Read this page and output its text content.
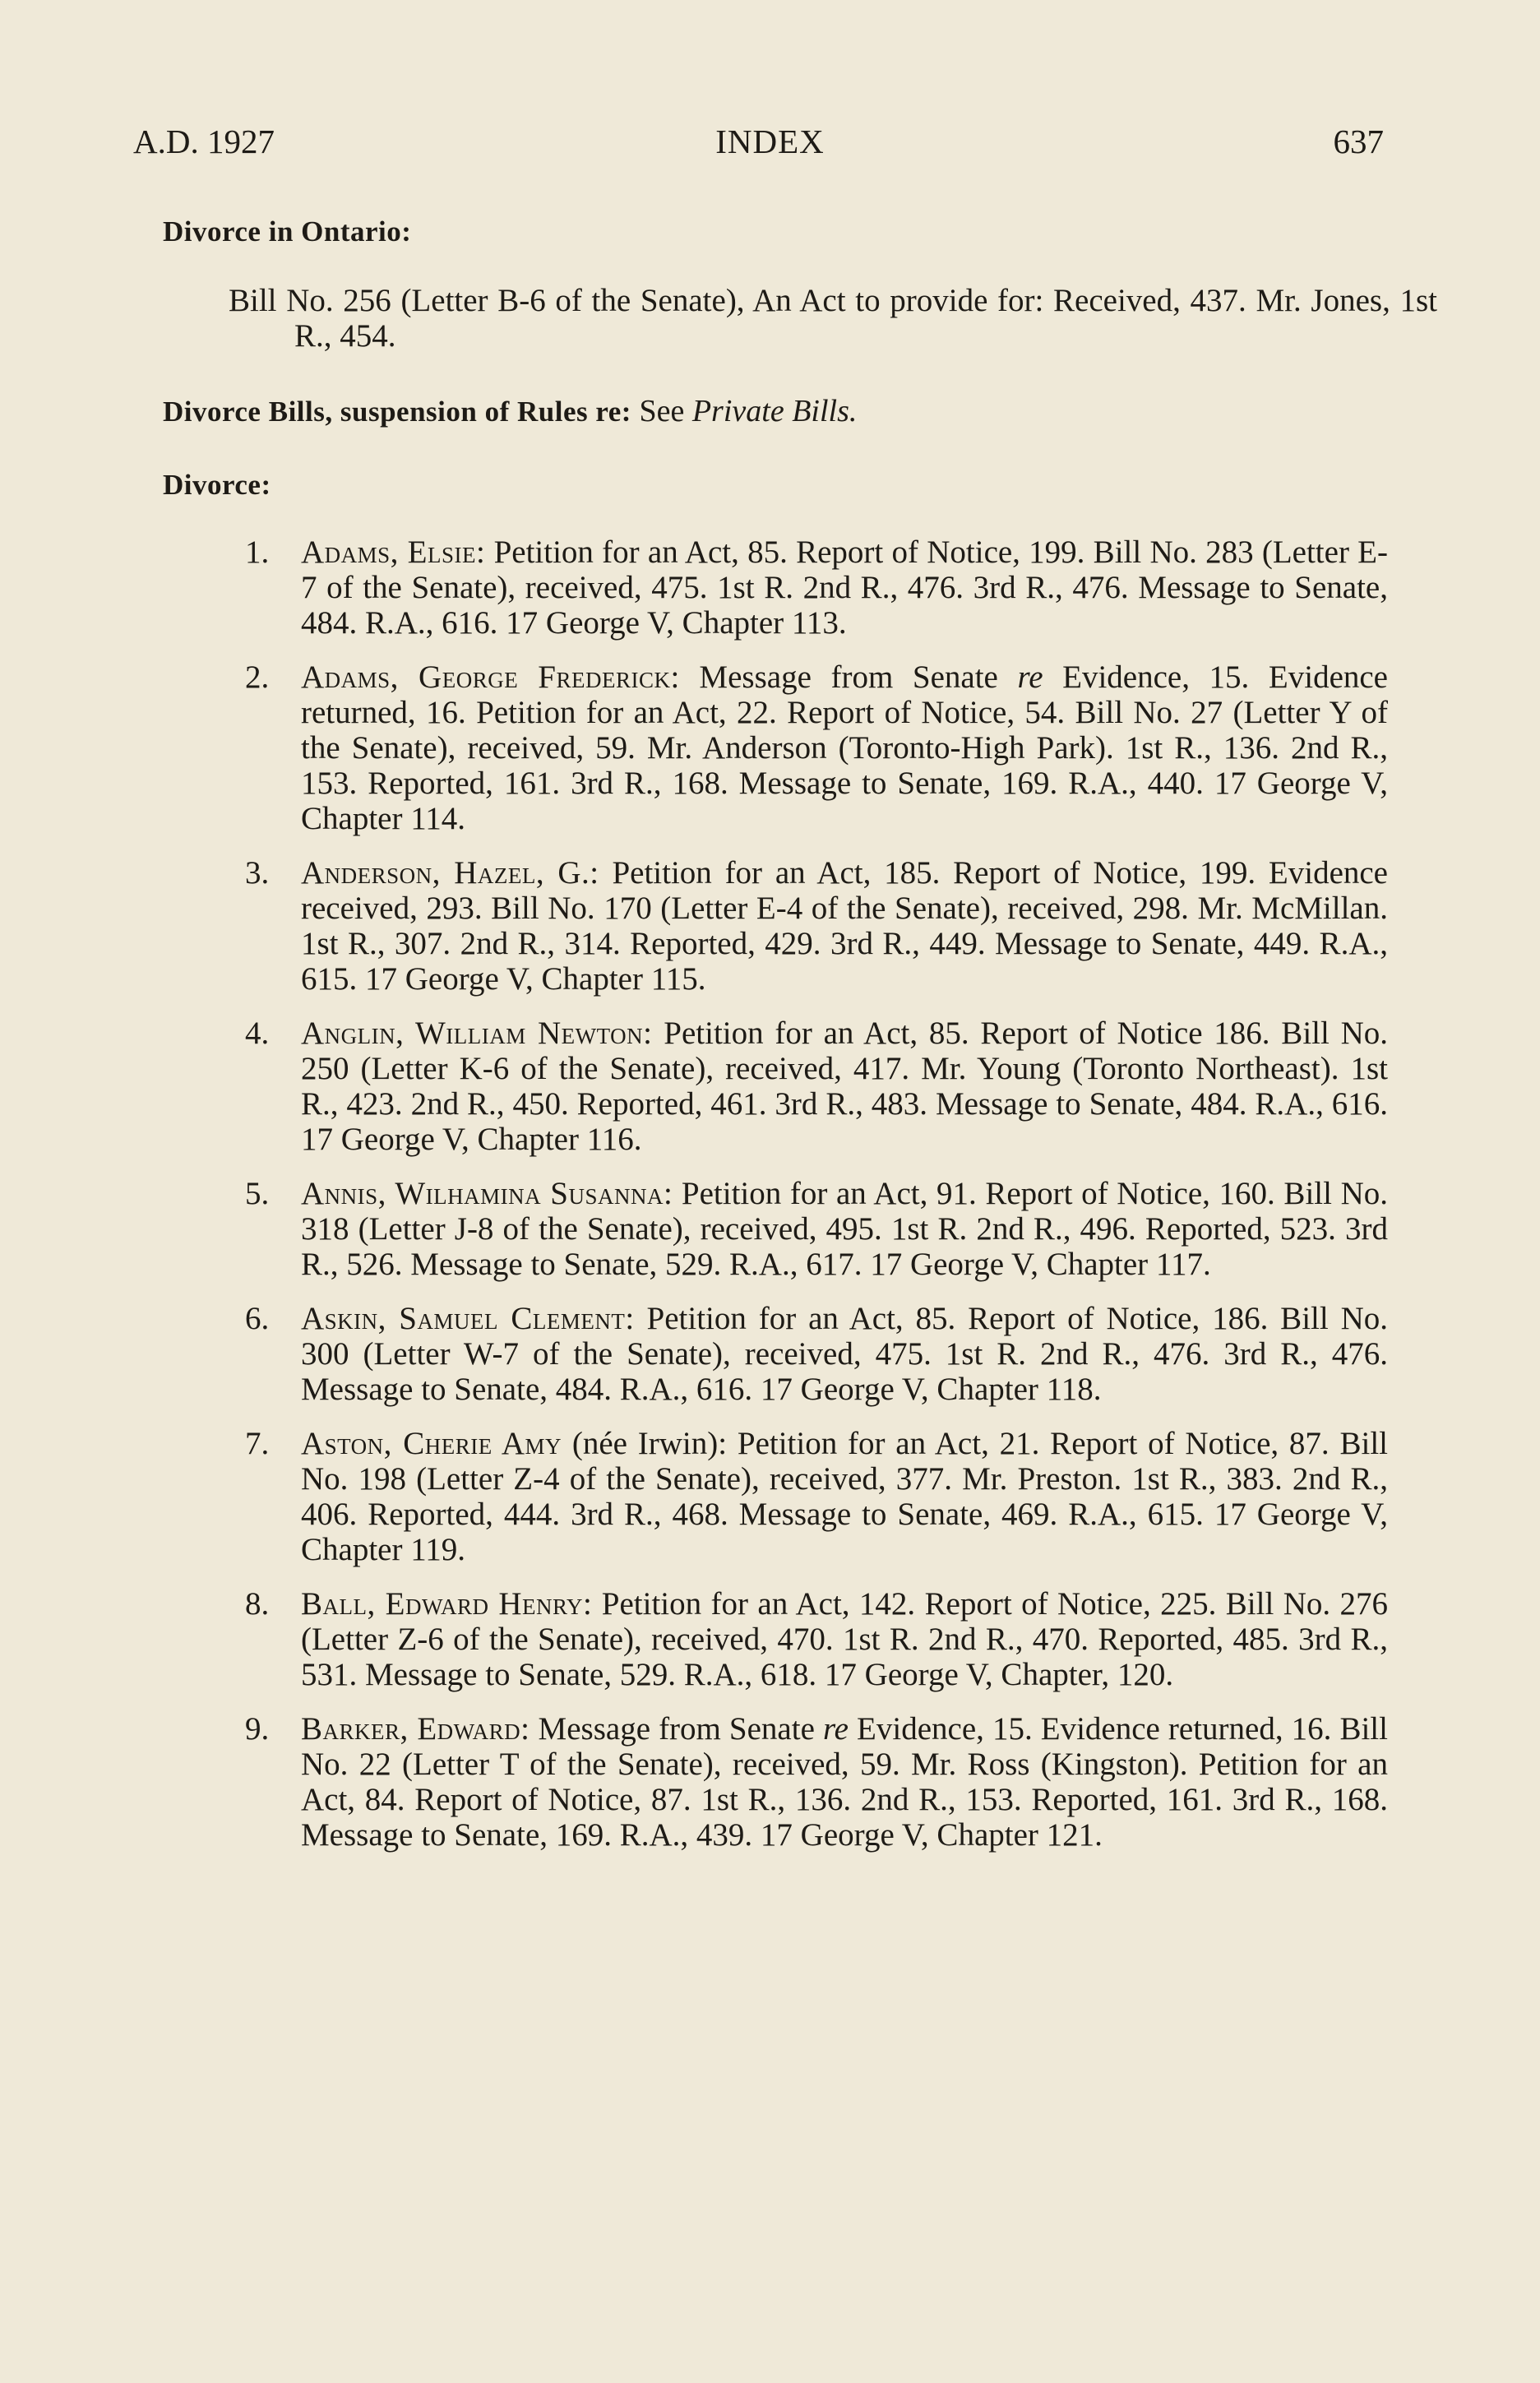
A.D. 1927	INDEX	637
Divorce in Ontario:
Bill No. 256 (Letter B-6 of the Senate), An Act to provide for: Received, 437. Mr. Jones, 1st R., 454.
Divorce Bills, suspension of Rules re: See Private Bills.
Divorce:
1. Adams, Elsie: Petition for an Act, 85. Report of Notice, 199. Bill No. 283 (Letter E-7 of the Senate), received, 475. 1st R. 2nd R., 476. 3rd R., 476. Message to Senate, 484. R.A., 616. 17 George V, Chapter 113.
2. Adams, George Frederick: Message from Senate re Evidence, 15. Evidence returned, 16. Petition for an Act, 22. Report of Notice, 54. Bill No. 27 (Letter Y of the Senate), received, 59. Mr. Anderson (Toronto-High Park). 1st R., 136. 2nd R., 153. Reported, 161. 3rd R., 168. Message to Senate, 169. R.A., 440. 17 George V, Chapter 114.
3. Anderson, Hazel, G.: Petition for an Act, 185. Report of Notice, 199. Evidence received, 293. Bill No. 170 (Letter E-4 of the Senate), received, 298. Mr. McMillan. 1st R., 307. 2nd R., 314. Reported, 429. 3rd R., 449. Message to Senate, 449. R.A., 615. 17 George V, Chapter 115.
4. Anglin, William Newton: Petition for an Act, 85. Report of Notice 186. Bill No. 250 (Letter K-6 of the Senate), received, 417. Mr. Young (Toronto Northeast). 1st R., 423. 2nd R., 450. Reported, 461. 3rd R., 483. Message to Senate, 484. R.A., 616. 17 George V, Chapter 116.
5. Annis, Wilhamina Susanna: Petition for an Act, 91. Report of Notice, 160. Bill No. 318 (Letter J-8 of the Senate), received, 495. 1st R. 2nd R., 496. Reported, 523. 3rd R., 526. Message to Senate, 529. R.A., 617. 17 George V, Chapter 117.
6. Askin, Samuel Clement: Petition for an Act, 85. Report of Notice, 186. Bill No. 300 (Letter W-7 of the Senate), received, 475. 1st R. 2nd R., 476. 3rd R., 476. Message to Senate, 484. R.A., 616. 17 George V, Chapter 118.
7. Aston, Cherie Amy (née Irwin): Petition for an Act, 21. Report of Notice, 87. Bill No. 198 (Letter Z-4 of the Senate), received, 377. Mr. Preston. 1st R., 383. 2nd R., 406. Reported, 444. 3rd R., 468. Message to Senate, 469. R.A., 615. 17 George V, Chapter 119.
8. Ball, Edward Henry: Petition for an Act, 142. Report of Notice, 225. Bill No. 276 (Letter Z-6 of the Senate), received, 470. 1st R. 2nd R., 470. Reported, 485. 3rd R., 531. Message to Senate, 529. R.A., 618. 17 George V, Chapter, 120.
9. Barker, Edward: Message from Senate re Evidence, 15. Evidence returned, 16. Bill No. 22 (Letter T of the Senate), received, 59. Mr. Ross (Kingston). Petition for an Act, 84. Report of Notice, 87. 1st R., 136. 2nd R., 153. Reported, 161. 3rd R., 168. Message to Senate, 169. R.A., 439. 17 George V, Chapter 121.
